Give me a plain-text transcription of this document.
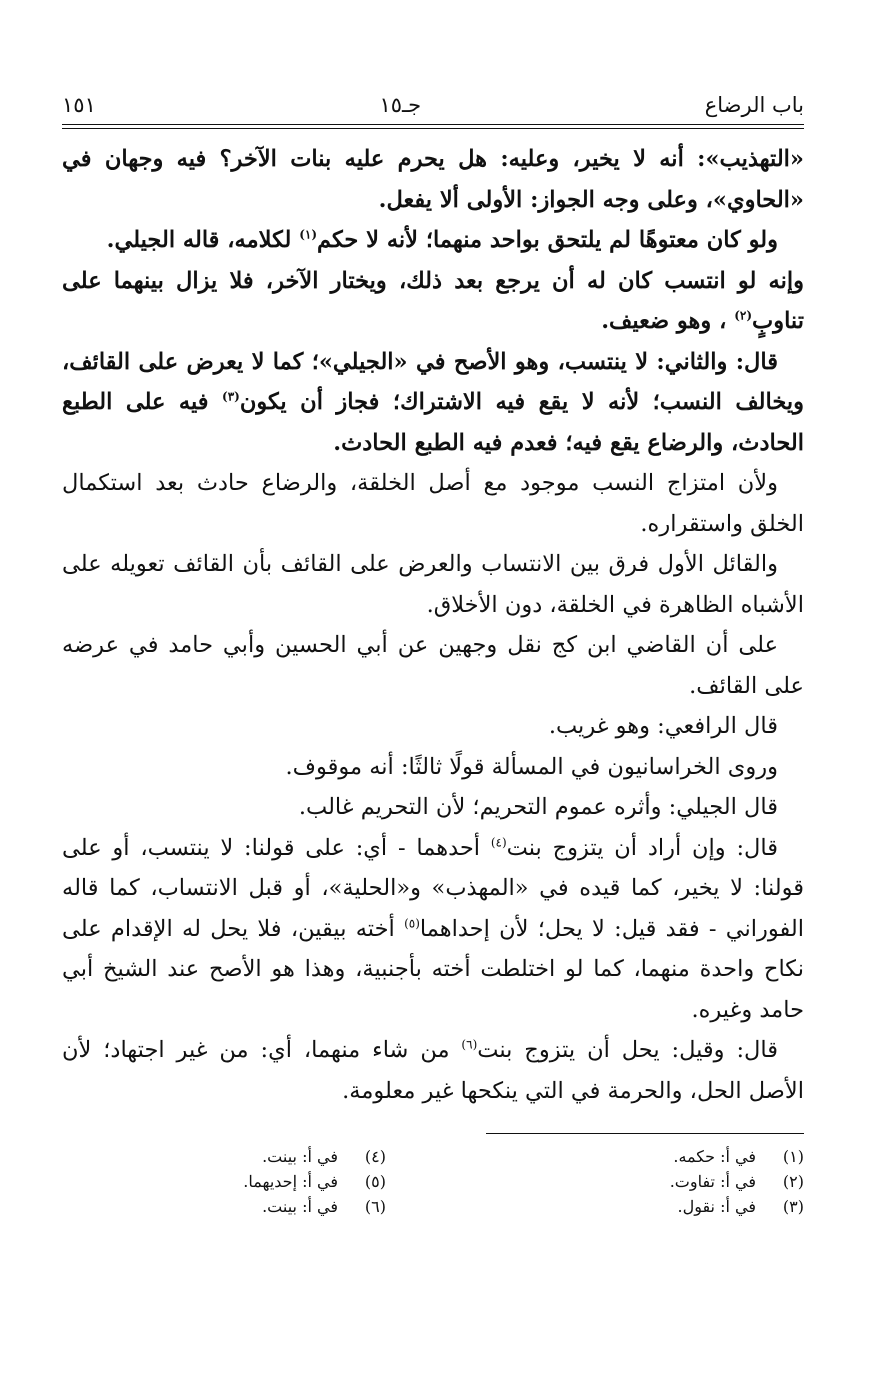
باب الرضاع
جـ١٥
١٥١

«التهذيب»: أنه لا يخير، وعليه: هل يحرم عليه بنات الآخر؟ فيه وجهان في «الحاوي»، وعلى وجه الجواز: الأولى ألا يفعل.

ولو كان معتوهًا لم يلتحق بواحد منهما؛ لأنه لا حكم$^{(١)}$ لكلامه، قاله الجيلي.

وإنه لو انتسب كان له أن يرجع بعد ذلك، ويختار الآخر، فلا يزال بينهما على تناوبٍ$^{(٢)}$ ، وهو ضعيف.

قال: والثاني: لا ينتسب، وهو الأصح في «الجيلي»؛ كما لا يعرض على القائف، ويخالف النسب؛ لأنه لا يقع فيه الاشتراك؛ فجاز أن يكون$^{(٣)}$ فيه على الطبع الحادث، والرضاع يقع فيه؛ فعدم فيه الطبع الحادث.

ولأن امتزاج النسب موجود مع أصل الخلقة، والرضاع حادث بعد استكمال الخلق واستقراره.

والقائل الأول فرق بين الانتساب والعرض على القائف بأن القائف تعويله على الأشباه الظاهرة في الخلقة، دون الأخلاق.

على أن القاضي ابن كج نقل وجهين عن أبي الحسين وأبي حامد في عرضه على القائف.

قال الرافعي: وهو غريب.

وروى الخراسانيون في المسألة قولًا ثالثًا: أنه موقوف.

قال الجيلي: وأثره عموم التحريم؛ لأن التحريم غالب.

قال: وإن أراد أن يتزوج بنت$^{(٤)}$ أحدهما - أي: على قولنا: لا ينتسب، أو على قولنا: لا يخير، كما قيده في «المهذب» و«الحلية»، أو قبل الانتساب، كما قاله الفوراني - فقد قيل: لا يحل؛ لأن إحداهما$^{(٥)}$ أخته بيقين، فلا يحل له الإقدام على نكاح واحدة منهما، كما لو اختلطت أخته بأجنبية، وهذا هو الأصح عند الشيخ أبي حامد وغيره.

قال: وقيل: يحل أن يتزوج بنت$^{(٦)}$ من شاء منهما، أي: من غير اجتهاد؛ لأن الأصل الحل، والحرمة في التي ينكحها غير معلومة.

(١)
في أ: حكمه.
(٢)
في أ: تفاوت.
(٣)
في أ: نقول.
(٤)
في أ: بينت.
(٥)
في أ: إحديهما.
(٦)
في أ: بينت.
